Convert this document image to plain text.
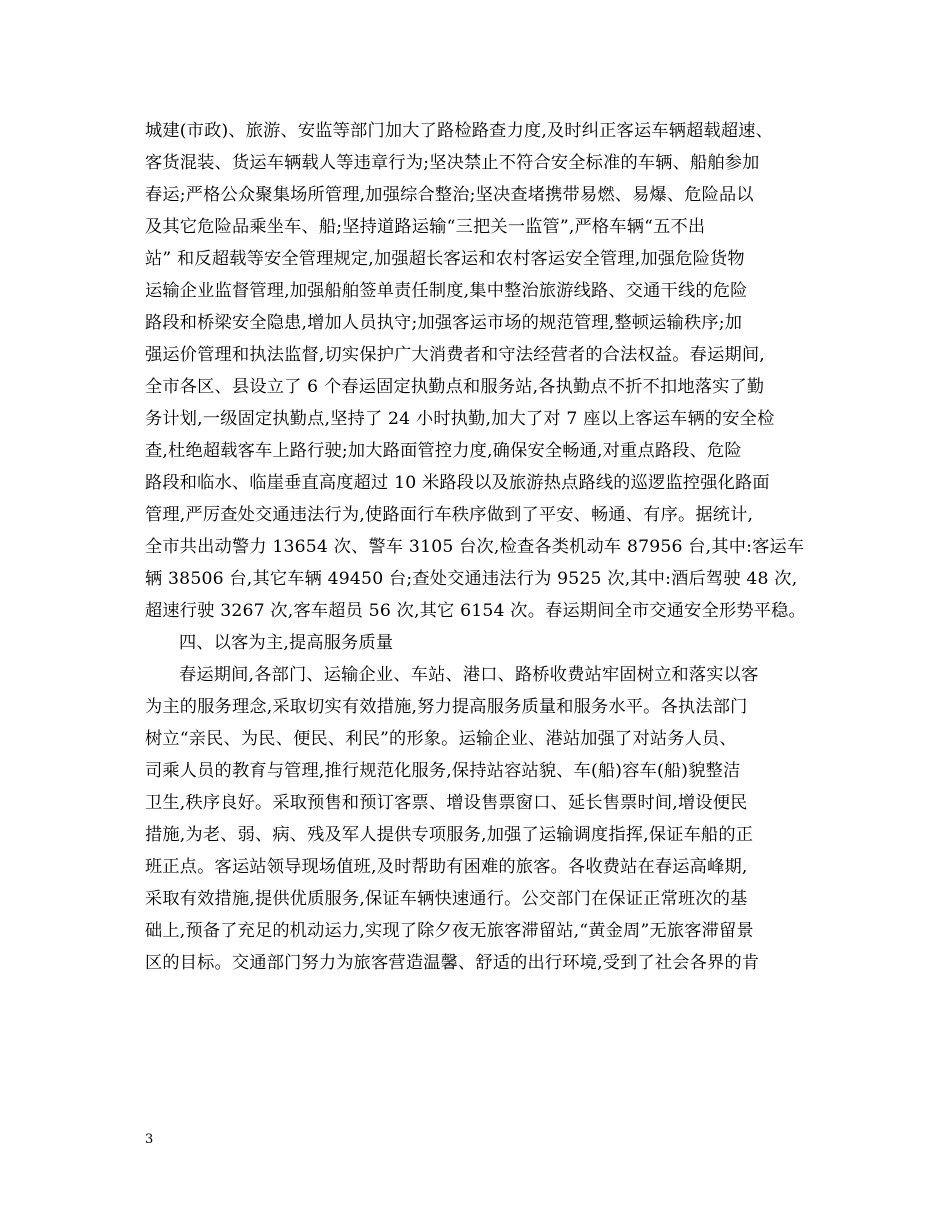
城建(市政)、旅游、安监等部门加大了路检路查力度,及时纠正客运车辆超载超速、
客货混装、货运车辆载人等违章行为;坚决禁止不符合安全标准的车辆、船舶参加
春运;严格公众聚集场所管理,加强综合整治;坚决查堵携带易燃、易爆、危险品以
及其它危险品乘坐车、船;坚持道路运输“三把关一监管”,严格车辆“五不出
站” 和反超载等安全管理规定,加强超长客运和农村客运安全管理,加强危险货物
运输企业监督管理,加强船舶签单责任制度,集中整治旅游线路、交通干线的危险
路段和桥梁安全隐患,增加人员执守;加强客运市场的规范管理,整顿运输秩序;加
强运价管理和执法监督,切实保护广大消费者和守法经营者的合法权益。春运期间,
全市各区、县设立了 6 个春运固定执勤点和服务站,各执勤点不折不扣地落实了勤
务计划,一级固定执勤点,坚持了 24 小时执勤,加大了对 7 座以上客运车辆的安全检
查,杜绝超载客车上路行驶;加大路面管控力度,确保安全畅通,对重点路段、危险
路段和临水、临崖垂直高度超过 10 米路段以及旅游热点路线的巡逻监控强化路面
管理,严厉查处交通违法行为,使路面行车秩序做到了平安、畅通、有序。据统计,
全市共出动警力 13654 次、警车 3105 台次,检查各类机动车 87956 台,其中:客运车
辆 38506 台,其它车辆 49450 台;查处交通违法行为 9525 次,其中:酒后驾驶 48 次,
超速行驶 3267 次,客车超员 56 次,其它 6154 次。春运期间全市交通安全形势平稳。
四、以客为主,提高服务质量
春运期间,各部门、运输企业、车站、港口、路桥收费站牢固树立和落实以客
为主的服务理念,采取切实有效措施,努力提高服务质量和服务水平。各执法部门
树立“亲民、为民、便民、利民”的形象。运输企业、港站加强了对站务人员、
司乘人员的教育与管理,推行规范化服务,保持站容站貌、车(船)容车(船)貌整洁
卫生,秩序良好。采取预售和预订客票、增设售票窗口、延长售票时间,增设便民
措施,为老、弱、病、残及军人提供专项服务,加强了运输调度指挥,保证车船的正
班正点。客运站领导现场值班,及时帮助有困难的旅客。各收费站在春运高峰期,
采取有效措施,提供优质服务,保证车辆快速通行。公交部门在保证正常班次的基
础上,预备了充足的机动运力,实现了除夕夜无旅客滞留站,“黄金周”无旅客滞留景
区的目标。交通部门努力为旅客营造温馨、舒适的出行环境,受到了社会各界的肯
3
